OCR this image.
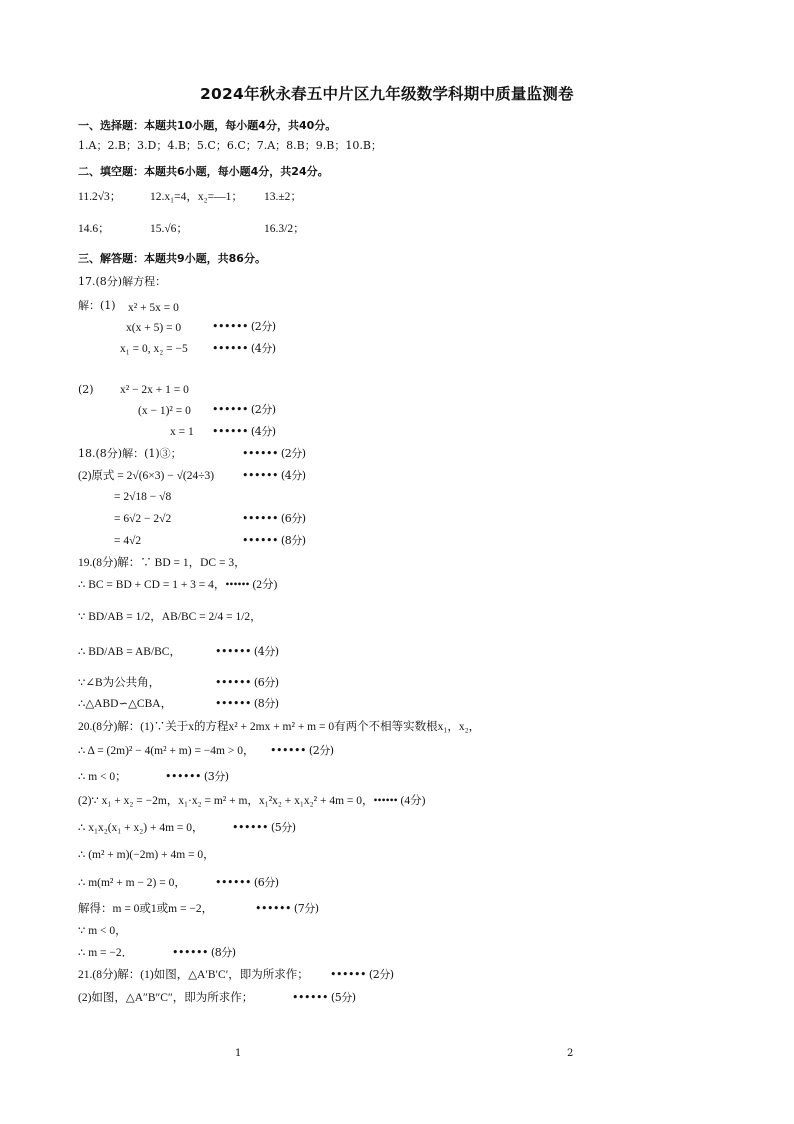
2024年秋永春五中片区九年级数学科期中质量监测卷
一、选择题：本题共10小题，每小题4分，共40分。
1.A；2.B；3.D；4.B；5.C；6.C；7.A；8.B；9.B；10.B；
二、填空题：本题共6小题，每小题4分，共24分。
11.2√3； 12.x₁=4，x₂=—1； 13.±2；
14.6；	15.√6；	16.3/2；
三、解答题：本题共9小题，共86分。
17.(8分)解方程：
解：(1) x² + 5x = 0
x(x + 5) = 0	•••••• (2分)
x₁ = 0, x₂ = −5 •••••• (4分)
(2) x² − 2x + 1 = 0
(x − 1)² = 0 •••••• (2分)
x = 1 •••••• (4分)
18.(8分)解：(1)③；	•••••• (2分)
(2)原式 = 2√(6×3) − √(24÷3)	•••••• (4分)
= 2√18 − √8
= 6√2 − 2√2	•••••• (6分)
= 4√2	•••••• (8分)
19.(8分)解：∵ BD = 1，DC = 3，
∴ BC = BD + CD = 1 + 3 = 4，•••••• (2分)
∵ BD/AB = 1/2，AB/BC = 2/4 = 1/2，
∴ BD/AB = AB/BC，	•••••• (4分)
∵∠B为公共角，	•••••• (6分)
∴△ABD∽△CBA，	•••••• (8分)
20.(8分)解：(1)∵关于x的方程x² + 2mx + m² + m = 0有两个不相等实数根x₁，x₂，
∴ Δ = (2m)² − 4(m² + m) = −4m > 0， •••••• (2分)
∴ m < 0；	•••••• (3分)
(2)∵ x₁ + x₂ = −2m，x₁·x₂ = m² + m，x₁²x₂ + x₁x₂² + 4m = 0，•••••• (4分)
∴ x₁x₂(x₁ + x₂) + 4m = 0，	•••••• (5分)
∴ (m² + m)(−2m) + 4m = 0，
∴ m(m² + m − 2) = 0，	•••••• (6分)
解得：m = 0或1或m = −2，	•••••• (7分)
∵ m < 0，
∴ m = −2．	•••••• (8分)
21.(8分)解：(1)如图，△A′B′C′，即为所求作； •••••• (2分)
(2)如图，△A″B″C″，即为所求作；	•••••• (5分)
1	2
